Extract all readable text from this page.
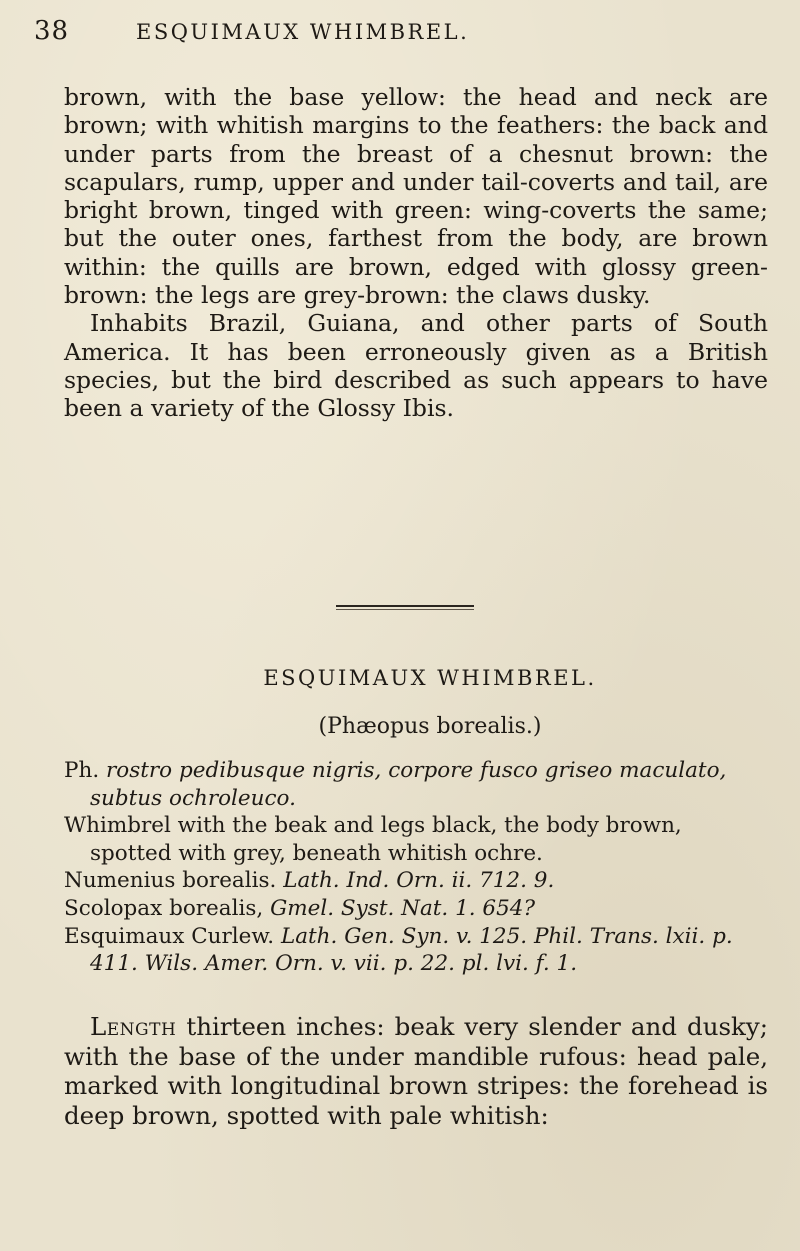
38	ESQUIMAUX WHIMBREL.

brown, with the base yellow: the head and neck are brown; with whitish margins to the feathers: the back and under parts from the breast of a chesnut brown: the scapulars, rump, upper and under tail-coverts and tail, are bright brown, tinged with green: wing-coverts the same; but the outer ones, farthest from the body, are brown within: the quills are brown, edged with glossy green-brown: the legs are grey-brown: the claws dusky.

Inhabits Brazil, Guiana, and other parts of South America. It has been erroneously given as a British species, but the bird described as such appears to have been a variety of the Glossy Ibis.

ESQUIMAUX WHIMBREL.
(Phæopus borealis.)

Ph. rostro pedibusque nigris, corpore fusco griseo maculato, subtus ochroleuco.

Whimbrel with the beak and legs black, the body brown, spotted with grey, beneath whitish ochre.

Numenius borealis. Lath. Ind. Orn. ii. 712. 9.

Scolopax borealis, Gmel. Syst. Nat. 1. 654?

Esquimaux Curlew. Lath. Gen. Syn. v. 125. Phil. Trans. lxii. p. 411. Wils. Amer. Orn. v. vii. p. 22. pl. lvi. f. 1.

Length thirteen inches: beak very slender and dusky; with the base of the under mandible rufous: head pale, marked with longitudinal brown stripes: the forehead is deep brown, spotted with pale whitish:
